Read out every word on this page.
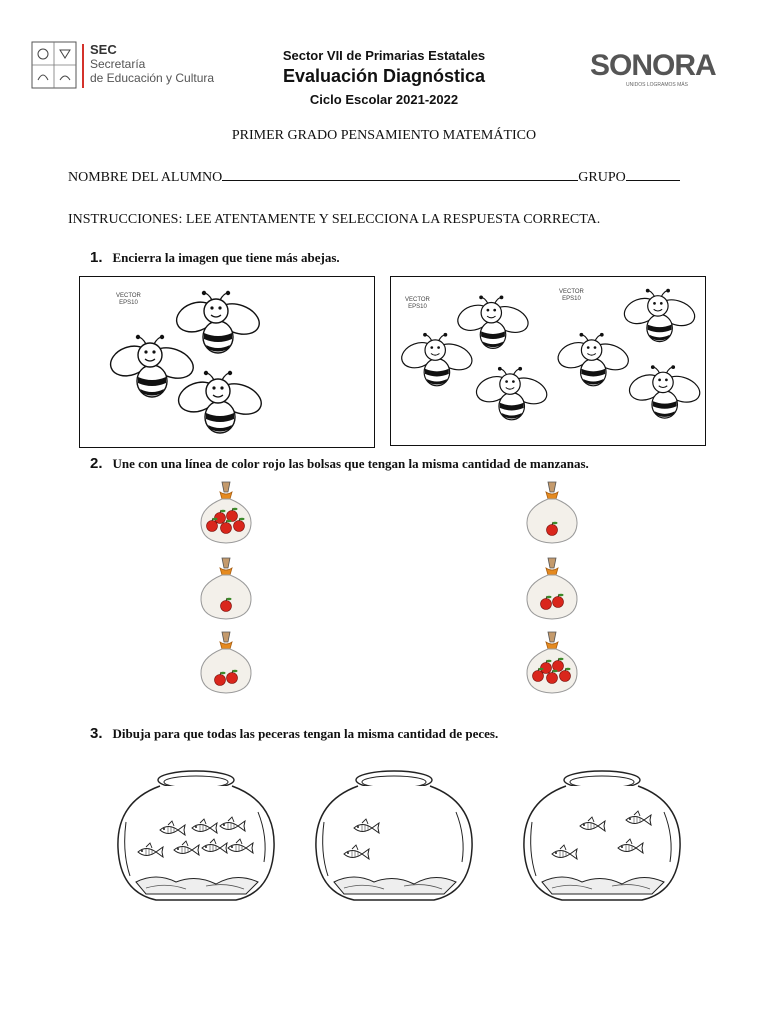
SEC
Secretaría
de Educación y Cultura
Sector VII de Primarias Estatales
Evaluación Diagnóstica
Ciclo Escolar 2021-2022
SONORA
UNIDOS LOGRAMOS MÁS
PRIMER GRADO PENSAMIENTO MATEMÁTICO
NOMBRE DEL ALUMNO	GRUPO
INSTRUCCIONES: LEE ATENTAMENTE Y SELECCIONA LA RESPUESTA CORRECTA.
1. Encierra la imagen que tiene más abejas.
VECTOR
EPS10	VECTOR
EPS10
VECTOR
EPS10
2. Une con una línea de color rojo las bolsas que tengan la misma cantidad de manzanas.
3. Dibuja para que todas las peceras tengan la misma cantidad de peces.
